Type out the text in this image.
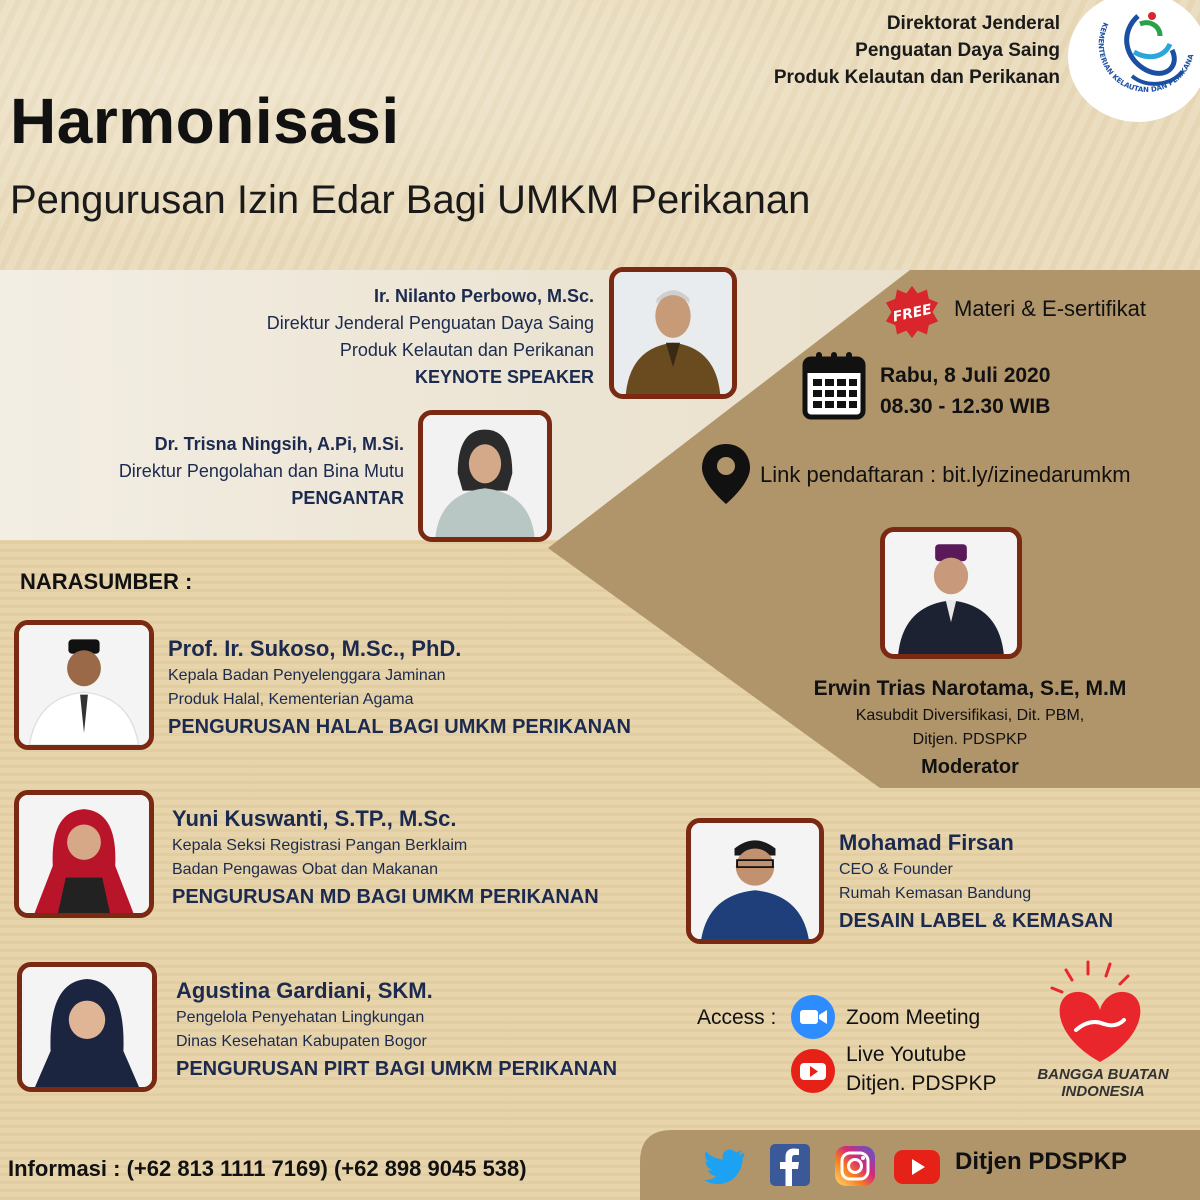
Direktorat Jenderal
Penguatan Daya Saing
Produk Kelautan dan Perikanan
KEMENTERIAN KELAUTAN DAN PERIKANA
Harmonisasi
Pengurusan Izin Edar Bagi UMKM Perikanan
Ir. Nilanto Perbowo, M.Sc.
Direktur Jenderal Penguatan Daya Saing
Produk Kelautan dan Perikanan
KEYNOTE SPEAKER
Dr. Trisna Ningsih, A.Pi, M.Si.
Direktur Pengolahan dan Bina Mutu
PENGANTAR
FREE Materi & E-sertifikat
Rabu, 8 Juli 2020
08.30 - 12.30 WIB
Link pendaftaran : bit.ly/izinedarumkm
Erwin Trias Narotama, S.E, M.M
Kasubdit Diversifikasi, Dit. PBM,
Ditjen. PDSPKP
Moderator
NARASUMBER :
Prof. Ir. Sukoso, M.Sc., PhD.
Kepala Badan Penyelenggara Jaminan
Produk Halal, Kementerian Agama
PENGURUSAN HALAL BAGI UMKM PERIKANAN
Yuni Kuswanti, S.TP., M.Sc.
Kepala Seksi Registrasi Pangan Berklaim
Badan Pengawas Obat dan Makanan
PENGURUSAN MD BAGI UMKM PERIKANAN
Agustina Gardiani, SKM.
Pengelola Penyehatan Lingkungan
Dinas Kesehatan Kabupaten Bogor
PENGURUSAN PIRT BAGI UMKM PERIKANAN
Mohamad Firsan
CEO & Founder
Rumah Kemasan Bandung
DESAIN LABEL & KEMASAN
Access :	Zoom Meeting
Live Youtube
Ditjen. PDSPKP	BANGGA BUATAN
INDONESIA
Informasi : (+62 813 1111 7169) (+62 898 9045 538)	Ditjen PDSPKP
